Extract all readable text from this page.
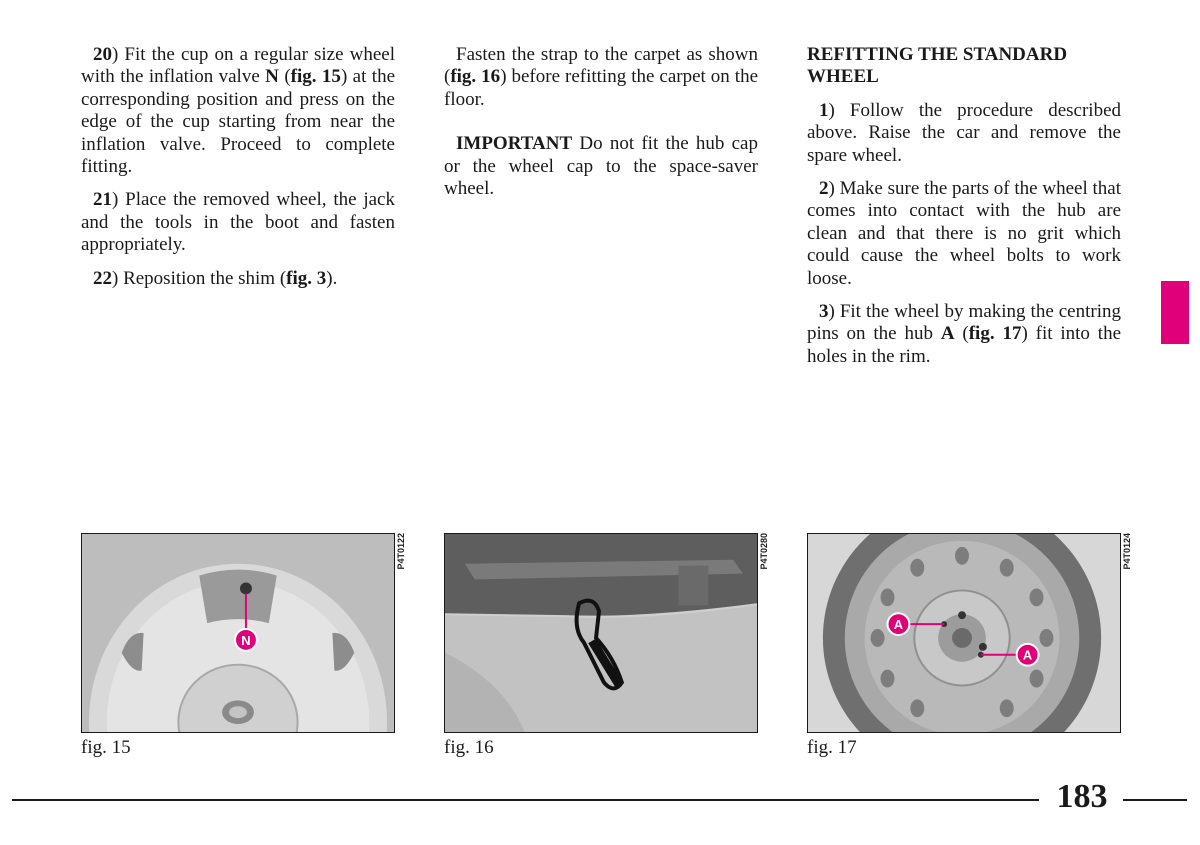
20) Fit the cup on a regular size wheel with the inflation valve N (fig. 15) at the corresponding position and press on the edge of the cup starting from near the inflation valve. Proceed to complete fitting.

21) Place the removed wheel, the jack and the tools in the boot and fasten appropriately.

22) Reposition the shim (fig. 3).

Fasten the strap to the carpet as shown (fig. 16) before refitting the carpet on the floor.

IMPORTANT Do not fit the hub cap or the wheel cap to the space-saver wheel.

REFITTING THE STANDARD WHEEL

1) Follow the procedure described above. Raise the car and remove the spare wheel.

2) Make sure the parts of the wheel that comes into contact with the hub are clean and that there is no grit which could cause the wheel bolts to work loose.

3) Fit the wheel by making the centring pins on the hub A (fig. 17) fit into the holes in the rim.

N
P4T0122
fig. 15
P4T0280
fig. 16
A
A
P4T0124
fig. 17
183
